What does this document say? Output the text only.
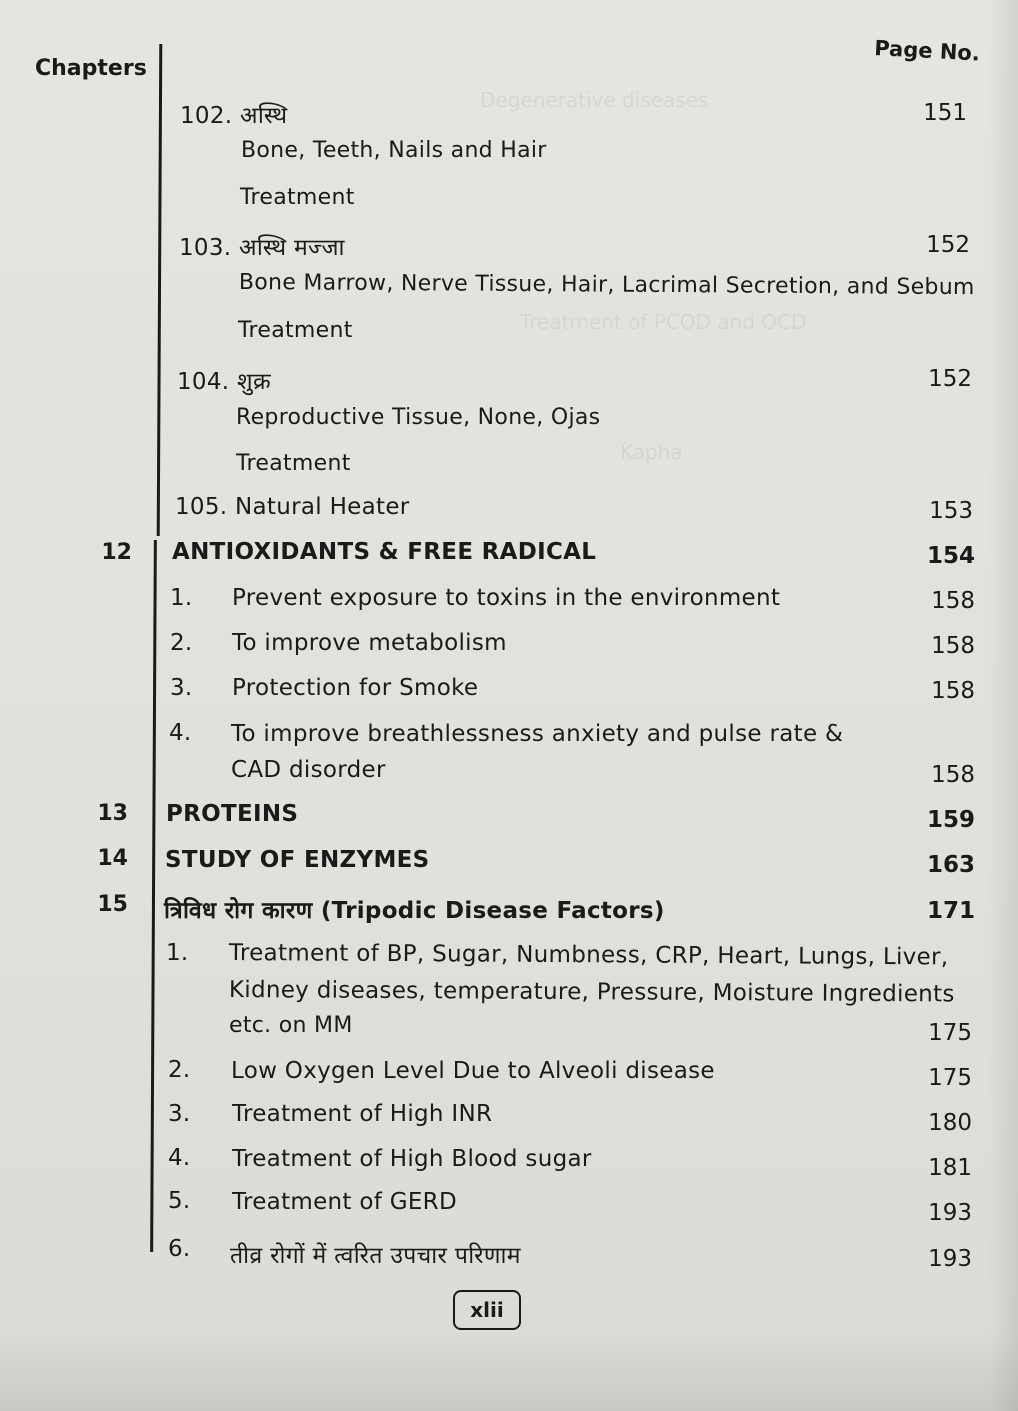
Degenerative diseases
Treatment of PCOD and OCD
Kapha
Chapters
Page No.
102. अस्थि	151
Bone, Teeth, Nails and Hair
Treatment
103. अस्थि मज्जा	152
Bone Marrow, Nerve Tissue, Hair, Lacrimal Secretion, and Sebum
Treatment
104. शुक्र	152
Reproductive Tissue, None, Ojas
Treatment
105. Natural Heater	153
12 ANTIOXIDANTS & FREE RADICAL	154
1. Prevent exposure to toxins in the environment	158
2. To improve metabolism	158
3. Protection for Smoke	158
4. To improve breathlessness anxiety and pulse rate &
CAD disorder	158
13 PROTEINS	159
14 STUDY OF ENZYMES	163
15 त्रिविध रोग कारण (Tripodic Disease Factors)	171
1. Treatment of BP, Sugar, Numbness, CRP, Heart, Lungs, Liver,
Kidney diseases, temperature, Pressure, Moisture Ingredients
etc. on MM	175
2. Low Oxygen Level Due to Alveoli disease	175
3. Treatment of High INR	180
4. Treatment of High Blood sugar	181
5. Treatment of GERD	193
6. तीव्र रोगों में त्वरित उपचार परिणाम	193
xlii
